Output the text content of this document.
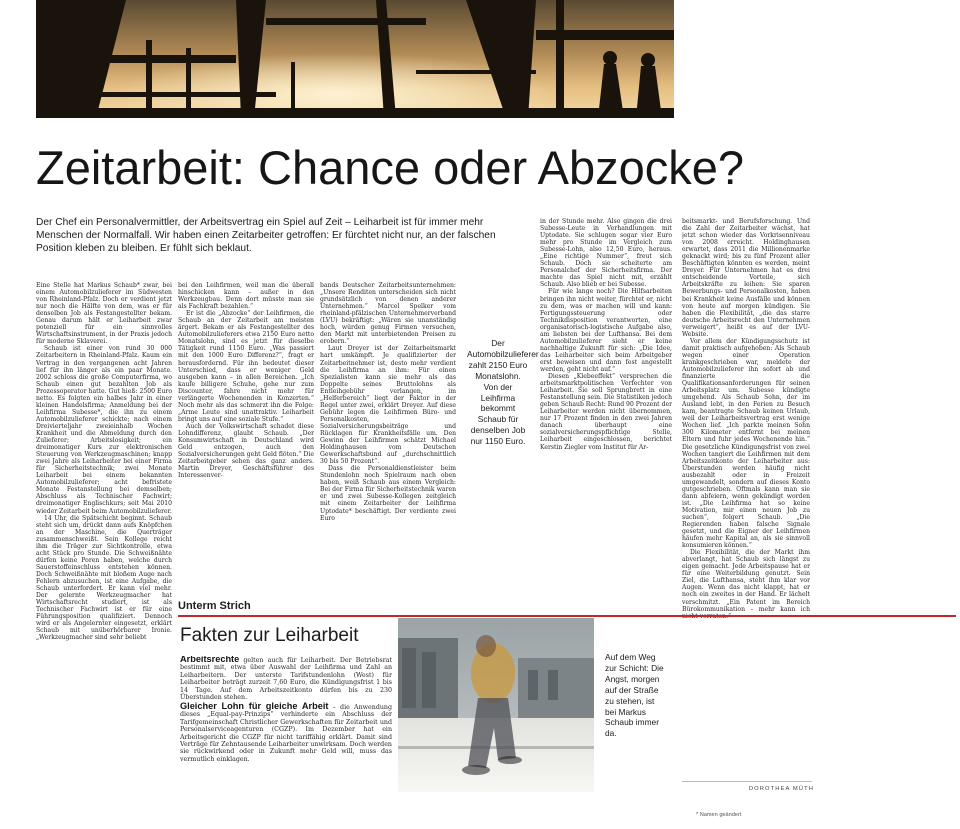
Zeitarbeit: Chance oder Abzocke?
Der Chef ein Personalvermittler, der Arbeitsvertrag ein Spiel auf Zeit – Leiharbeit ist für immer mehr Menschen der Normalfall. Wir haben einen Zeitarbeiter getroffen: Er fürchtet nicht nur, an der falschen Position kleben zu bleiben. Er fühlt sich beklaut.

Eine Stelle hat Markus Schaub* zwar, bei einem Automobilzulieferer im Südwesten von Rheinland-Pfalz. Doch er verdient jetzt nur noch die Hälfte von dem, was er für denselben Job als Festangestellter bekam. Genau darum hält er Leiharbeit zwar potenziell für ein sinnvolles Wirtschaftsinstrument, in der Praxis jedoch für moderne Sklaverei.

Schaub ist einer von rund 30 000 Zeitarbeitern in Rheinland-Pfalz. Kaum ein Vertrag in den vergangenen acht Jahren lief für ihn länger als ein paar Monate. 2002 schloss die große Computerfirma, wo Schaub einen gut bezahlten Job als Prozessoperator hatte. Gut hieß: 2500 Euro netto. Es folgten ein halbes Jahr in einer kleinen Handelsfirma; Anmeldung bei der Leihfirma Subesse*, die ihn zu einem Automobilzulieferer schickte; nach einem Dreivierteljahr zweieinhalb Wochen Krankheit und die Abmeldung durch den Zulieferer; Arbeitslosigkeit; ein dreimonatiger Kurs zur elektronischen Steuerung von Werkzeugmaschinen; knapp zwei Jahre als Leiharbeiter bei einer Firma für Sicherheitstechnik; zwei Monate Leiharbeit bei einem bekannten Automobilzulieferer; acht befristete Monate Festanstellung bei demselben; Abschluss als Technischer Fachwirt; dreimonatiger Englischkurs; seit Mai 2010 wieder Zeitarbeit beim Automobilzulieferer.

14 Uhr, die Spätschicht beginnt. Schaub steht sich um, drückt dann aufs Knöpfchen an der Maschine, die Querträger zusammenschweißt. Sein Kollege reicht ihm die Träger zur Sichtkontrolle, etwa acht Stück pro Stunde. Die Schweißnähte dürfen keine Poren haben, welche durch Sauerstoffeinschluss entstehen können. Doch Schweißnähte mit bloßem Auge nach Fehlern abzusuchen, ist eine Aufgabe, die Schaub unterfordert. Er kann viel mehr. Der gelernte Werkzeugmacher hat Wirtschaftsrecht studiert, ist als Technischer Fachwirt ist er für eine Führungsposition qualifiziert. Dennoch wird er als Angelernter eingesetzt, erklärt Schaub mit unüberhörbarer Ironie. „Werkzeugmacher sind sehr beliebt

bei den Leihfirmen, weil man die überall hinschicken kann – außer in den Werkzeugbau. Denn dort müsste man sie als Fachkraft bezahlen.“

Er ist die „Abzocke“ der Leihfirmen, die Schaub an der Zeitarbeit am meisten ärgert. Bekam er als Festangestellter des Automobilzulieferers etwa 2150 Euro netto Monatslohn, sind es jetzt für dieselbe Tätigkeit rund 1150 Euro. „Was passiert mit den 1000 Euro Differenz?“, fragt er herausfordernd. Für ihn bedeutet dieser Unterschied, dass er weniger Geld ausgeben kann – in allen Bereichen. „Ich kaufe billigere Schuhe, gehe nur zum Discounter, fahre nicht mehr für verlängerte Wochenenden in Konzerten.“ Noch mehr als das schmerzt ihn die Folge: „Arme Leute sind unattraktiv. Leiharbeit bringt uns auf eine soziale Stufe.“

Auch der Volkswirtschaft schadet diese Lohndifferenz, glaubt Schaub. „Der Konsumwirtschaft in Deutschland wird Geld entzogen, auch den Sozialversicherungen geht Geld flöten.“ Die Zeitarbeitgeber sehen das ganz anders. Martin Dreyer, Geschäftsführer des Interessenver-

bands Deutscher Zeitarbeitsunternehmen: „Unsere Renditen unterscheiden sich nicht grundsätzlich von denen anderer Unternehmen.“ Marcel Spelker vom rheinland-pfälzischen Unternehmerverband (LVU) bekräftigt: „Wären sie unanständig hoch, würden genug Firmen versuchen, den Markt mit unterbietenden Preisen zu erobern.“

Laut Dreyer ist der Zeitarbeitsmarkt hart umkämpft. Je qualifizierter der Zeitarbeitnehmer ist, desto mehr verdient die Leihfirma an ihm: Für einen Spezialisten kann sie mehr als das Doppelte seines Bruttolohns als Entleihgebühr verlangen, im „Helferbereich“ liegt der Faktor in der Regel unter zwei, erklärt Dreyer. Auf diese Gebühr legen die Leihfirmen Büro- und Personalkosten, Sozialversicherungsbeiträge und Rücklagen für Krankheitsfälle um. Den Gewinn der Leihfirmen schätzt Michael Holdinghausen vom Deutschen Gewerkschaftsbund auf „durchschnittlich 30 bis 50 Prozent“.

Dass die Personaldienstleister beim Stundenlohn noch Spielraum nach oben haben, weiß Schaub aus einem Vergleich: Bei der Firma für Sicherheitstechnik waren er und zwei Subesse-Kollegen zeitgleich mit einem Zeitarbeiter der Leihfirma Uptodate* beschäftigt. Der verdiente zwei Euro

Der Automobilzulieferer zahlt 2150 Euro Monatslohn. Von der Leihfirma bekommt Schaub für denselben Job nur 1150 Euro.

in der Stunde mehr. Also gingen die drei Subesse-Leute in Verhandlungen mit Uptodate. Sie schlugen sogar vier Euro mehr pro Stunde im Vergleich zum Subesse-Lohn, also 12,50 Euro, heraus. „Eine richtige Nummer“, freut sich Schaub. Doch sie scheiterte am Personalchef der Sicherheitsfirma. Der machte das Spiel nicht mit, erzählt Schaub. Also blieb er bei Subesse.

Für wie lange noch? Die Hilfsarbeiten bringen ihn nicht weiter, fürchtet er, nicht zu dem, was er machen will und kann: Fertigungssteuerung oder Technikdisposition verantworten, eine organisatorisch-logistische Aufgabe also, am liebsten bei der Lufthansa. Bei dem Automobilzulieferer sieht er keine nachhaltige Zukunft für sich: „Die Idee, das Leiharbeiter sich beim Arbeitgeber erst beweisen und dann fest angestellt werden, geht nicht auf.“

Diesen „Klebeeffekt“ versprechen die arbeitsmarktpolitischen Verfechter von Leiharbeit. Sie soll Sprungbrett in eine Festanstellung sein. Die Statistiken jedoch geben Schaub Recht: Rund 90 Prozent der Leiharbeiter werden nicht übernommen, nur 17 Prozent finden in den zwei Jahren danach überhaupt eine sozialversicherungspflichtige Stelle, Leiharbeit eingeschlossen, berichtet Kerstin Ziegler vom Institut für Ar-

beitsmarkt- und Berufsforschung. Und die Zahl der Zeitarbeiter wächst, hat jetzt schon wieder das Vorkrisenniveau von 2008 erreicht. Holdinghausen erwartet, dass 2011 die Millionenmarke geknackt wird; bis zu fünf Prozent aller Beschäftigten könnten es werden, meint Dreyer. Für Unternehmen hat es drei entscheidende Vorteile, sich Arbeitskräfte zu leihen: Sie sparen Bewerbungs- und Personalkosten, haben bei Krankheit keine Ausfälle und können von heute auf morgen kündigen. Sie haben die Flexibilität, „die das starre deutsche Arbeitsrecht den Unternehmen verweigert“, heißt es auf der LVU-Website.

Vor allem der Kündigungsschutz ist damit praktisch aufgehoben: Als Schaub wegen einer Operation krankgeschrieben war, meldete der Automobilzulieferer ihn sofort ab und finanzierte die Qualifikationsanforderungen für seinen Arbeitsplatz um. Subesse kündigte umgehend. Als Schaub Sohn, der im Ausland lebt, in den Ferien zu Besuch kam, beantragte Schaub keinen Urlaub, weil der Leiharbeitsvertrag erst wenige Wochen lief. „Ich parkte meinen Sohn 300 Kilometer entfernt bei meinen Eltern und fuhr jedes Wochenende hin.“ Die gesetzliche Kündigungsfrist von zwei Wochen tangiert die Leihfirmen mit dem Arbeitszeitkonto der Leiharbeiter aus: Überstunden werden häufig nicht ausbezahlt oder in Freizeit umgewandelt, sondern auf dieses Konto gutgeschrieben. Oftmals kann man sie dann abfeiern, wenn gekündigt worden ist. „Die Leihfirma hat so keine Motivation, mir einen neuen Job zu suchen“, folgert Schaub. „Die Regierenden haben falsche Signale gesetzt, und die Eigner der Leihfirmen häufen mehr Kapital an, als sie sinnvoll konsumieren können.“

Die Flexibilität, die der Markt ihm abverlangt, hat Schaub sich längst zu eigen gemacht. Jede Arbeitspause hat er für eine Weiterbildung genutzt. Sein Ziel, die Lufthansa, steht ihm klar vor Augen. Wenn das nicht klappt, hat er noch ein zweites in der Hand. Er lächelt verschmitzt. „Ein Patent im Bereich Bürokommunikation – mehr kann ich

Unterm Strich
Fakten zur Leiharbeit

Arbeitsrechte gelten auch für Leiharbeit. Der Betriebsrat bestimmt mit, etwa über Auswahl der Leihfirma und Zahl an Leiharbeitern. Der unterste Tarifstundenlohn (West) für Leiharbeiter beträgt zurzeit 7,60 Euro, die Kündigungsfrist 1 bis 14 Tage. Auf dem Arbeitszeitkonto dürfen bis zu 230 Überstunden stehen.

Gleicher Lohn für gleiche Arbeit – die Anwendung dieses „Equal-pay-Prinzips“ verhinderte ein Abschluss der Tarifgemeinschaft Christlicher Gewerkschaften für Zeitarbeit und Personalserviceagenturen (CGZP). Im Dezember hat ein Arbeitsgericht die CGZP für nicht tariffähig erklärt. Damit sind Verträge für Zehntausende Leiharbeiter unwirksam. Doch werden sie rückwirkend oder in Zukunft mehr Geld will, muss das vermutlich einklagen.

Auf dem Weg zur Schicht: Die Angst, morgen auf der Straße zu stehen, ist bei Markus Schaub immer da.
DOROTHEA MÜTH
* Namen geändert
